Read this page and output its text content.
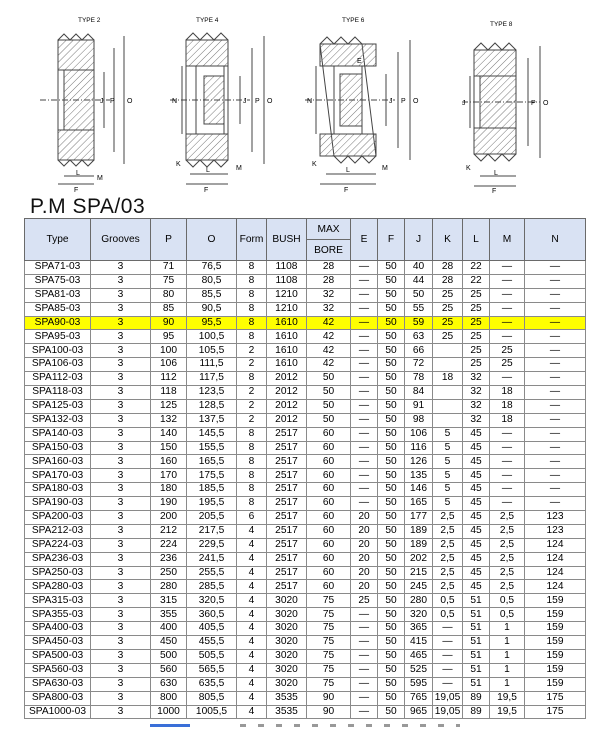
TYPE 2
J P O
L
F
M
TYPE 4
N	J P O
K
L
F
M
TYPE 6
E
N	J P O
K
L
F
M
TYPE 8
J	P O
K
L
F
P.M SPA/03
Type	Grooves	P	O	Form	BUSH	MAX	E	F	J	K	L	M	N
						BORE							
SPA71-03	3	71	76,5	8	1108	28	—	50	40	28	22	—	—
SPA75-03	3	75	80,5	8	1108	28	—	50	44	28	22	—	—
SPA81-03	3	80	85,5	8	1210	32	—	50	50	25	25	—	—
SPA85-03	3	85	90,5	8	1210	32	—	50	55	25	25	—	—
SPA90-03	3	90	95,5	8	1610	42	—	50	59	25	25	—	—
SPA95-03	3	95	100,5	8	1610	42	—	50	63	25	25	—	—
SPA100-03	3	100	105,5	2	1610	42	—	50	66		25	25	—
SPA106-03	3	106	111,5	2	1610	42	—	50	72		25	25	—
SPA112-03	3	112	117,5	8	2012	50	—	50	78	18	32	—	—
SPA118-03	3	118	123,5	2	2012	50	—	50	84		32	18	—
SPA125-03	3	125	128,5	2	2012	50	—	50	91		32	18	—
SPA132-03	3	132	137,5	2	2012	50	—	50	98		32	18	—
SPA140-03	3	140	145,5	8	2517	60	—	50	106	5	45	—	—
SPA150-03	3	150	155,5	8	2517	60	—	50	116	5	45	—	—
SPA160-03	3	160	165,5	8	2517	60	—	50	126	5	45	—	—
SPA170-03	3	170	175,5	8	2517	60	—	50	135	5	45	—	—
SPA180-03	3	180	185,5	8	2517	60	—	50	146	5	45	—	—
SPA190-03	3	190	195,5	8	2517	60	—	50	165	5	45	—	—
SPA200-03	3	200	205,5	6	2517	60	20	50	177	2,5	45	2,5	123
SPA212-03	3	212	217,5	4	2517	60	20	50	189	2,5	45	2,5	123
SPA224-03	3	224	229,5	4	2517	60	20	50	189	2,5	45	2,5	124
SPA236-03	3	236	241,5	4	2517	60	20	50	202	2,5	45	2,5	124
SPA250-03	3	250	255,5	4	2517	60	20	50	215	2,5	45	2,5	124
SPA280-03	3	280	285,5	4	2517	60	20	50	245	2,5	45	2,5	124
SPA315-03	3	315	320,5	4	3020	75	25	50	280	0,5	51	0,5	159
SPA355-03	3	355	360,5	4	3020	75	—	50	320	0,5	51	0,5	159
SPA400-03	3	400	405,5	4	3020	75	—	50	365	—	51	1	159
SPA450-03	3	450	455,5	4	3020	75	—	50	415	—	51	1	159
SPA500-03	3	500	505,5	4	3020	75	—	50	465	—	51	1	159
SPA560-03	3	560	565,5	4	3020	75	—	50	525	—	51	1	159
SPA630-03	3	630	635,5	4	3020	75	—	50	595	—	51	1	159
SPA800-03	3	800	805,5	4	3535	90	—	50	765	19,05	89	19,5	175
SPA1000-03	3	1000	1005,5	4	3535	90	—	50	965	19,05	89	19,5	175
